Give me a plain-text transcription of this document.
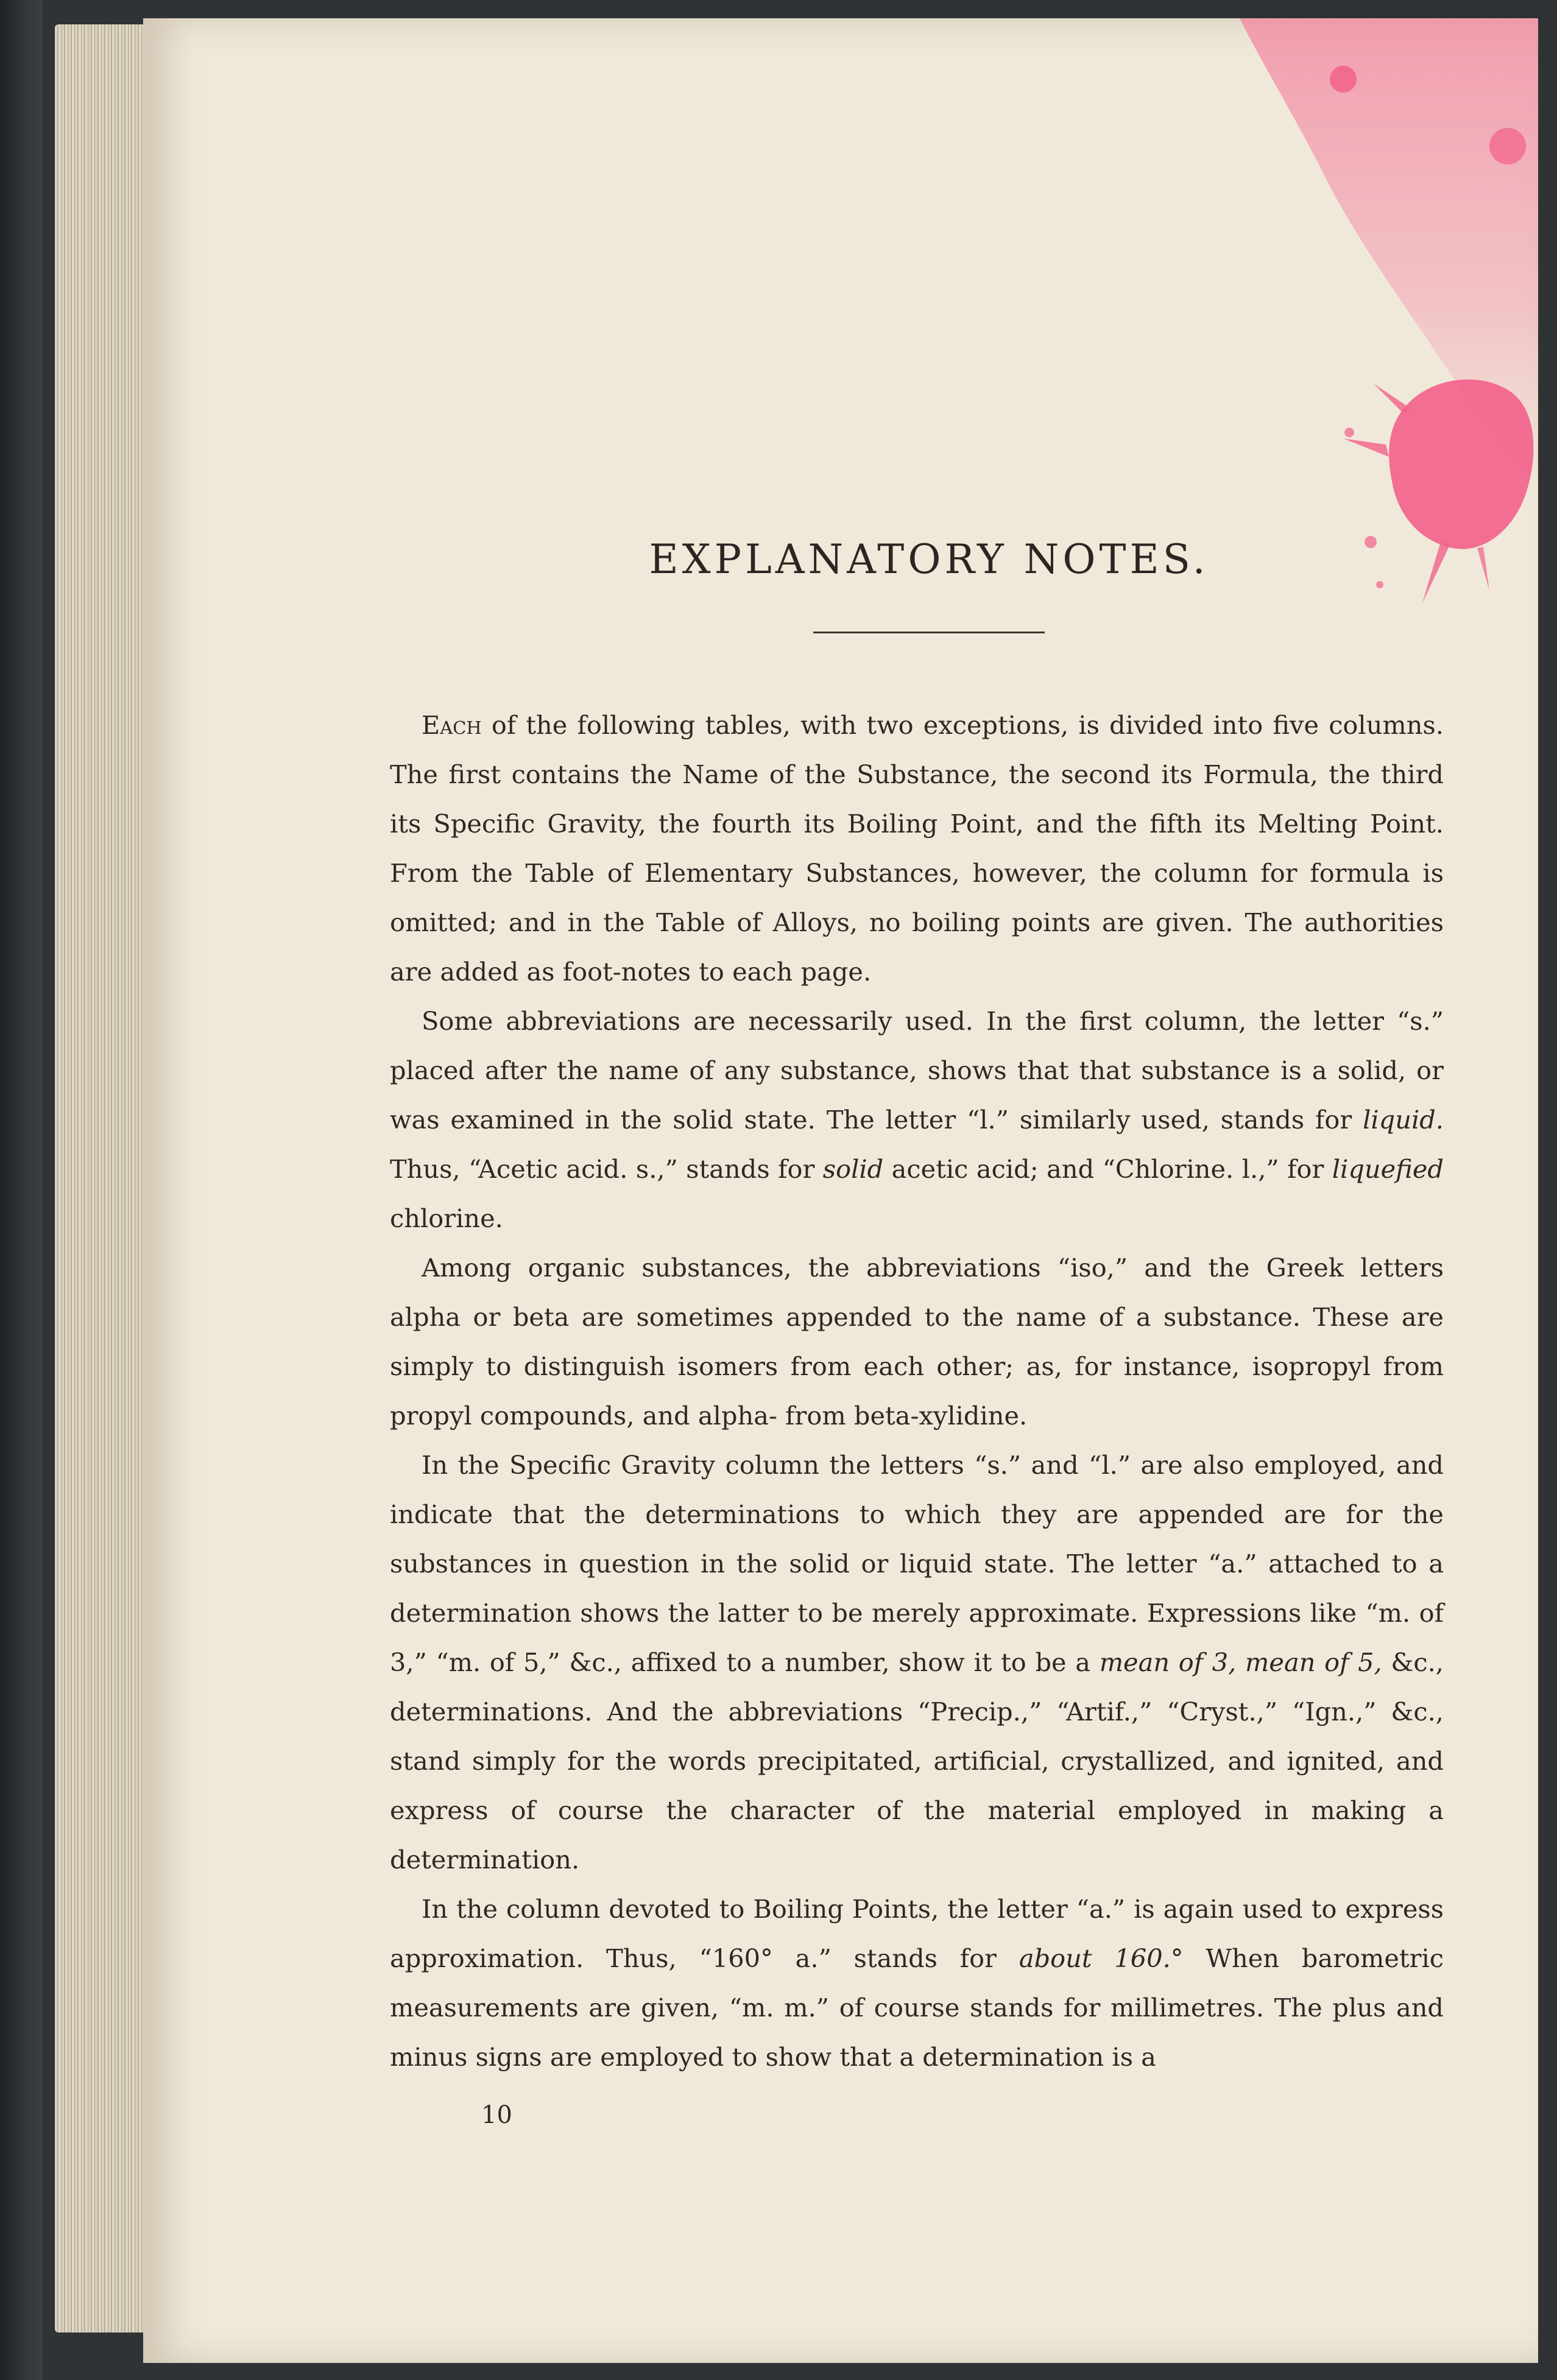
EXPLANATORY NOTES.

Each of the following tables, with two exceptions, is divided into five columns. The first contains the Name of the Substance, the second its Formula, the third its Specific Gravity, the fourth its Boiling Point, and the fifth its Melting Point. From the Table of Elementary Substances, however, the column for formula is omitted; and in the Table of Alloys, no boiling points are given. The authorities are added as foot-notes to each page.

Some abbreviations are necessarily used. In the first column, the letter “s.” placed after the name of any substance, shows that that substance is a solid, or was examined in the solid state. The letter “l.” similarly used, stands for liquid. Thus, “Acetic acid. s.,” stands for solid acetic acid; and “Chlorine. l.,” for liquefied chlorine.

Among organic substances, the abbreviations “iso,” and the Greek letters alpha or beta are sometimes appended to the name of a substance. These are simply to distinguish isomers from each other; as, for instance, isopropyl from propyl compounds, and alpha- from beta-xylidine.

In the Specific Gravity column the letters “s.” and “l.” are also employed, and indicate that the determinations to which they are appended are for the substances in question in the solid or liquid state. The letter “a.” attached to a determination shows the latter to be merely approximate. Expressions like “m. of 3,” “m. of 5,” &c., affixed to a number, show it to be a mean of 3, mean of 5, &c., determinations. And the abbreviations “Precip.,” “Artif.,” “Cryst.,” “Ign.,” &c., stand simply for the words precipitated, artificial, crystallized, and ignited, and express of course the character of the material employed in making a determination.

In the column devoted to Boiling Points, the letter “a.” is again used to express approximation. Thus, “160° a.” stands for about 160.° When barometric measurements are given, “m. m.” of course stands for millimetres. The plus and minus signs are employed to show that a determination is a

10
